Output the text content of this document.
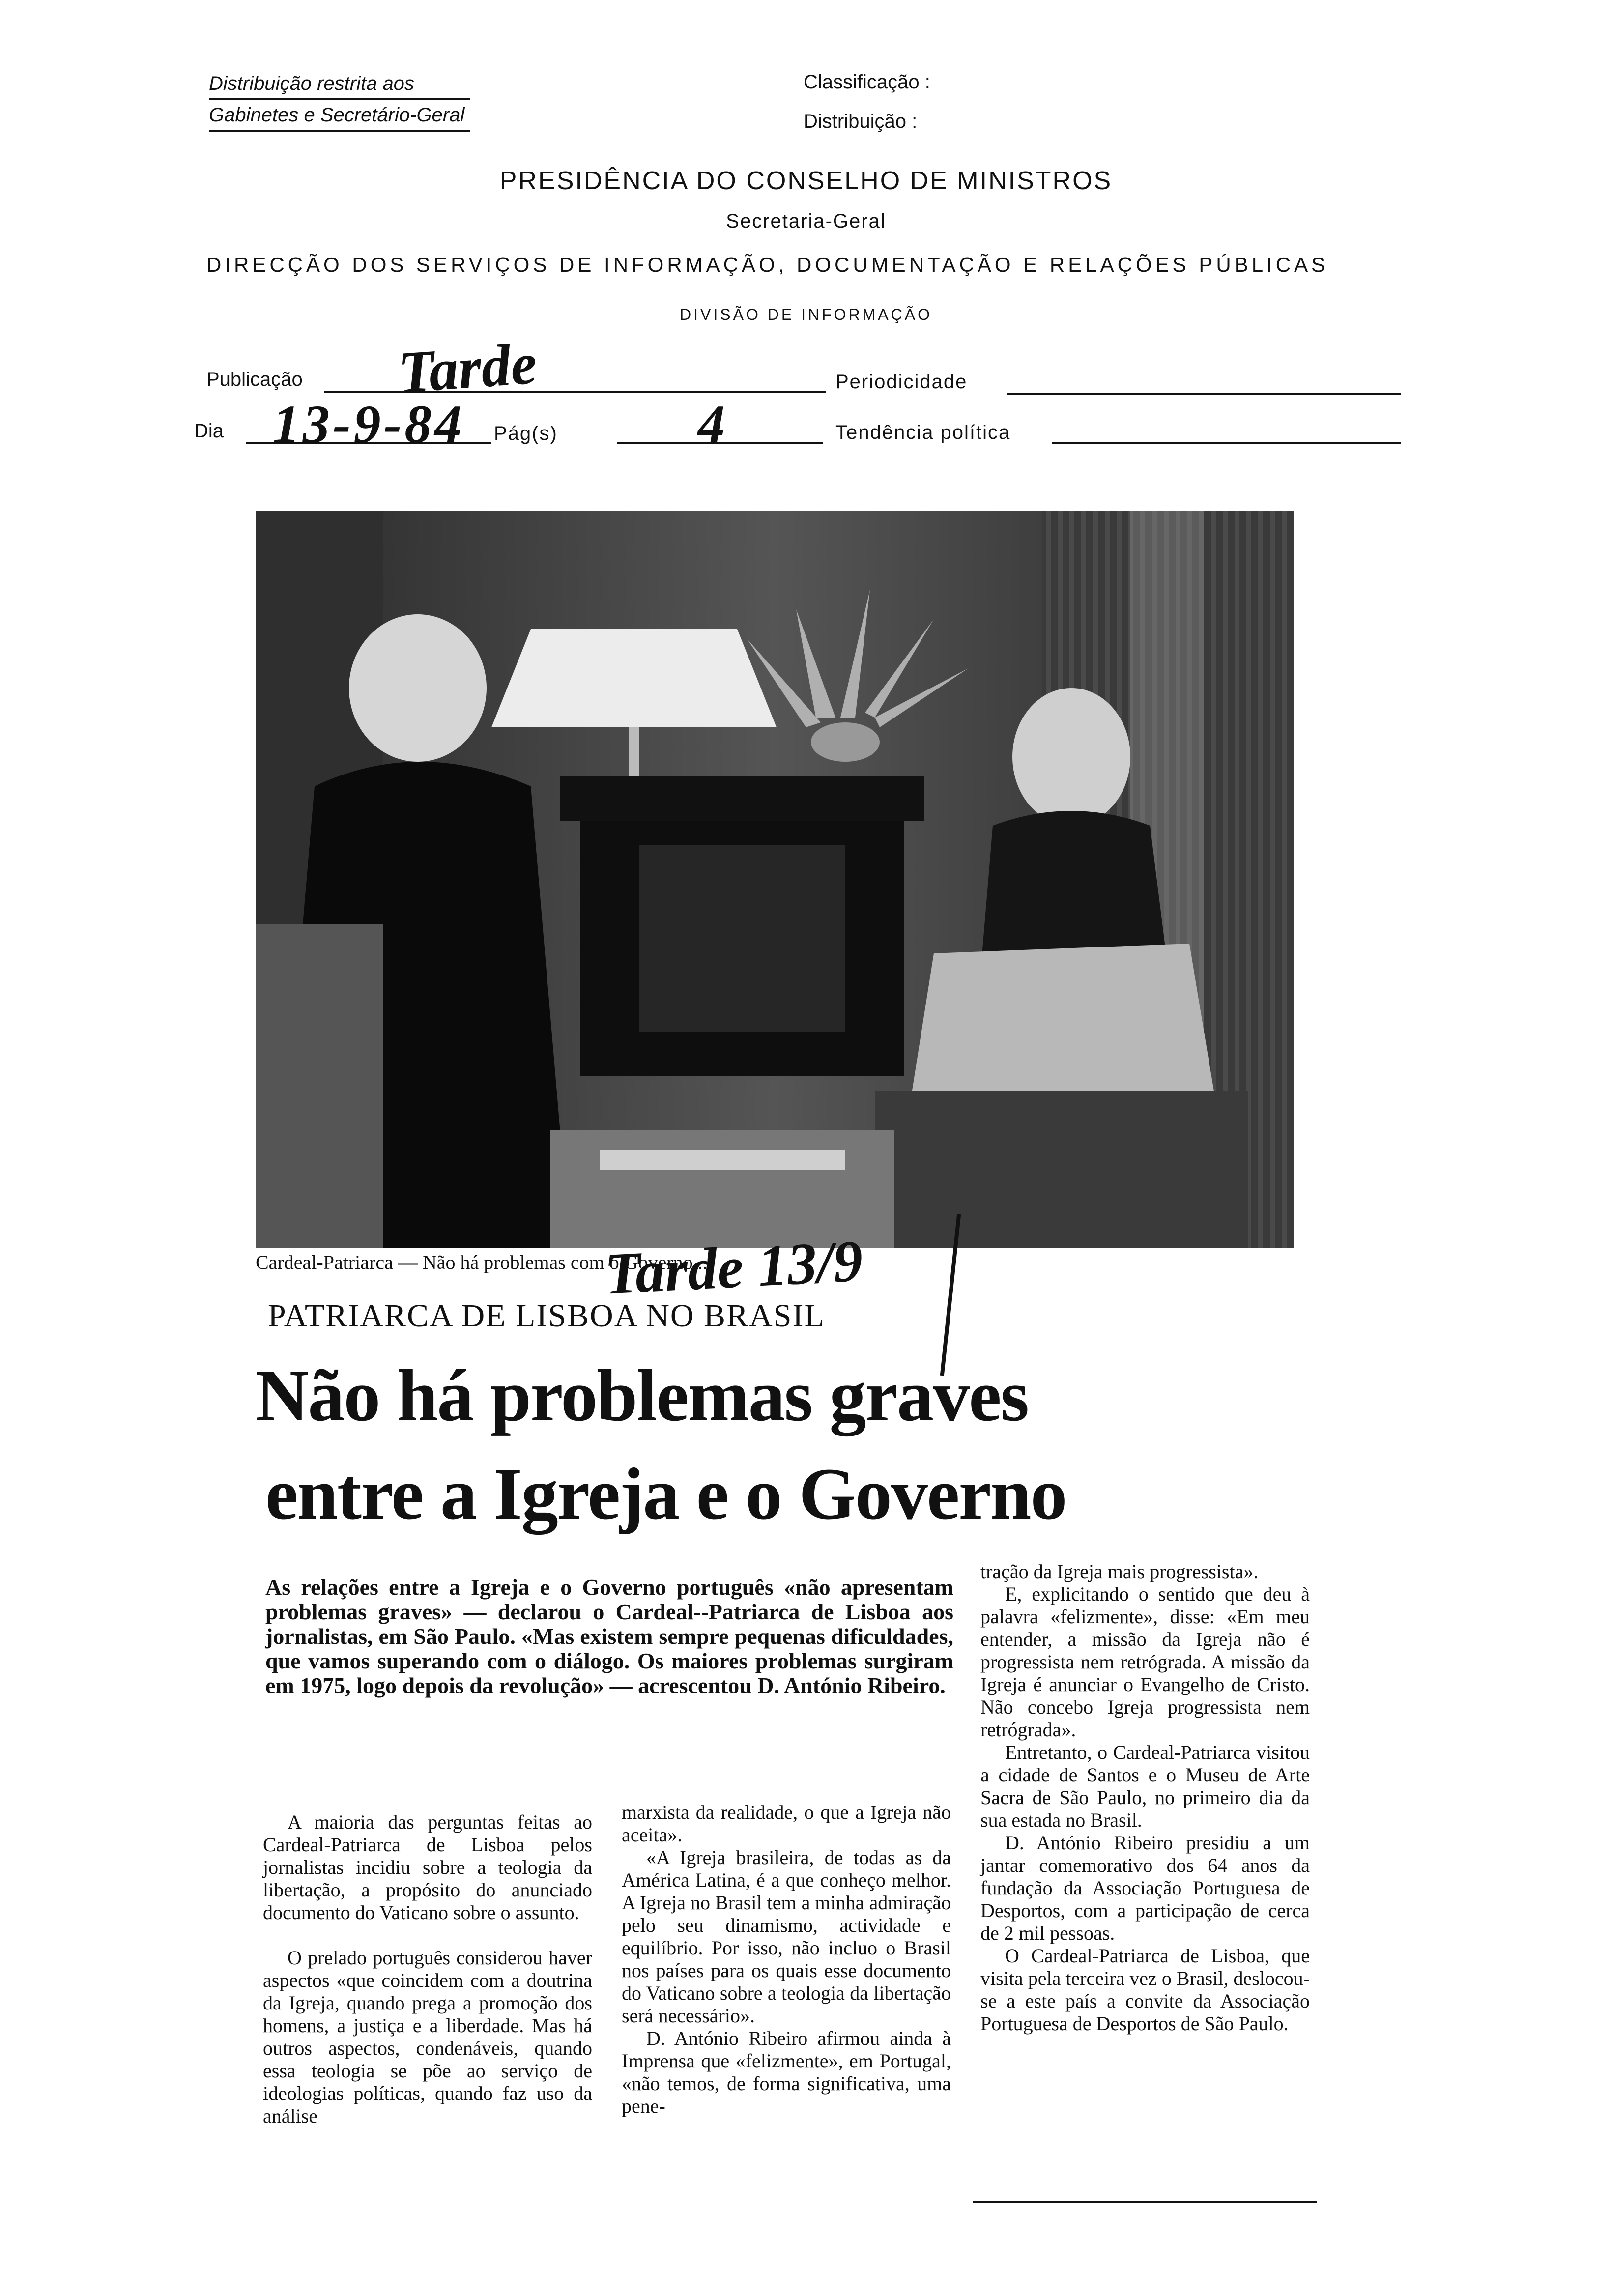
Distribuição restrita aos
Gabinetes e Secretário-Geral
Classificação :
Distribuição :
PRESIDÊNCIA DO CONSELHO DE MINISTROS
Secretaria-Geral
DIRECÇÃO DOS SERVIÇOS DE INFORMAÇÃO, DOCUMENTAÇÃO E RELAÇÕES PÚBLICAS
DIVISÃO DE INFORMAÇÃO
Publicação Tarde	Periodicidade
Dia 13-9-84 Pág(s)	4	Tendência política
Cardeal-Patriarca — Não há problemas com o Governo...
Tarde 13/9
PATRIARCA DE LISBOA NO BRASIL
Não há problemas graves
entre a Igreja e o Governo
As relações entre a Igreja e o Governo português «não apresentam problemas graves» — declarou o Cardeal--Patriarca de Lisboa aos jornalistas, em São Paulo. «Mas existem sempre pequenas dificuldades, que vamos superando com o diálogo. Os maiores problemas surgiram em 1975, logo depois da revolução» — acrescentou D. António Ribeiro.

A maioria das perguntas feitas ao Cardeal-Patriarca de Lisboa pelos jornalistas incidiu sobre a teologia da libertação, a propósito do anunciado documento do Vaticano sobre o assunto.

O prelado português considerou haver aspectos «que coincidem com a doutrina da Igreja, quando prega a promoção dos homens, a justiça e a liberdade. Mas há outros aspectos, condenáveis, quando essa teologia se põe ao serviço de ideologias políticas, quando faz uso da análise

marxista da realidade, o que a Igreja não aceita».

«A Igreja brasileira, de todas as da América Latina, é a que conheço melhor. A Igreja no Brasil tem a minha admiração pelo seu dinamismo, actividade e equilíbrio. Por isso, não incluo o Brasil nos países para os quais esse documento do Vaticano sobre a teologia da libertação será necessário».

D. António Ribeiro afirmou ainda à Imprensa que «felizmente», em Portugal, «não temos, de forma significativa, uma pene-

tração da Igreja mais progressista».

E, explicitando o sentido que deu à palavra «felizmente», disse: «Em meu entender, a missão da Igreja não é progressista nem retrógrada. A missão da Igreja é anunciar o Evangelho de Cristo. Não concebo Igreja progressista nem retrógrada».

Entretanto, o Cardeal-Patriarca visitou a cidade de Santos e o Museu de Arte Sacra de São Paulo, no primeiro dia da sua estada no Brasil.

D. António Ribeiro presidiu a um jantar comemorativo dos 64 anos da fundação da Associação Portuguesa de Desportos, com a participação de cerca de 2 mil pessoas.

O Cardeal-Patriarca de Lisboa, que visita pela terceira vez o Brasil, deslocou-se a este país a convite da Associação Portuguesa de Desportos de São Paulo.
